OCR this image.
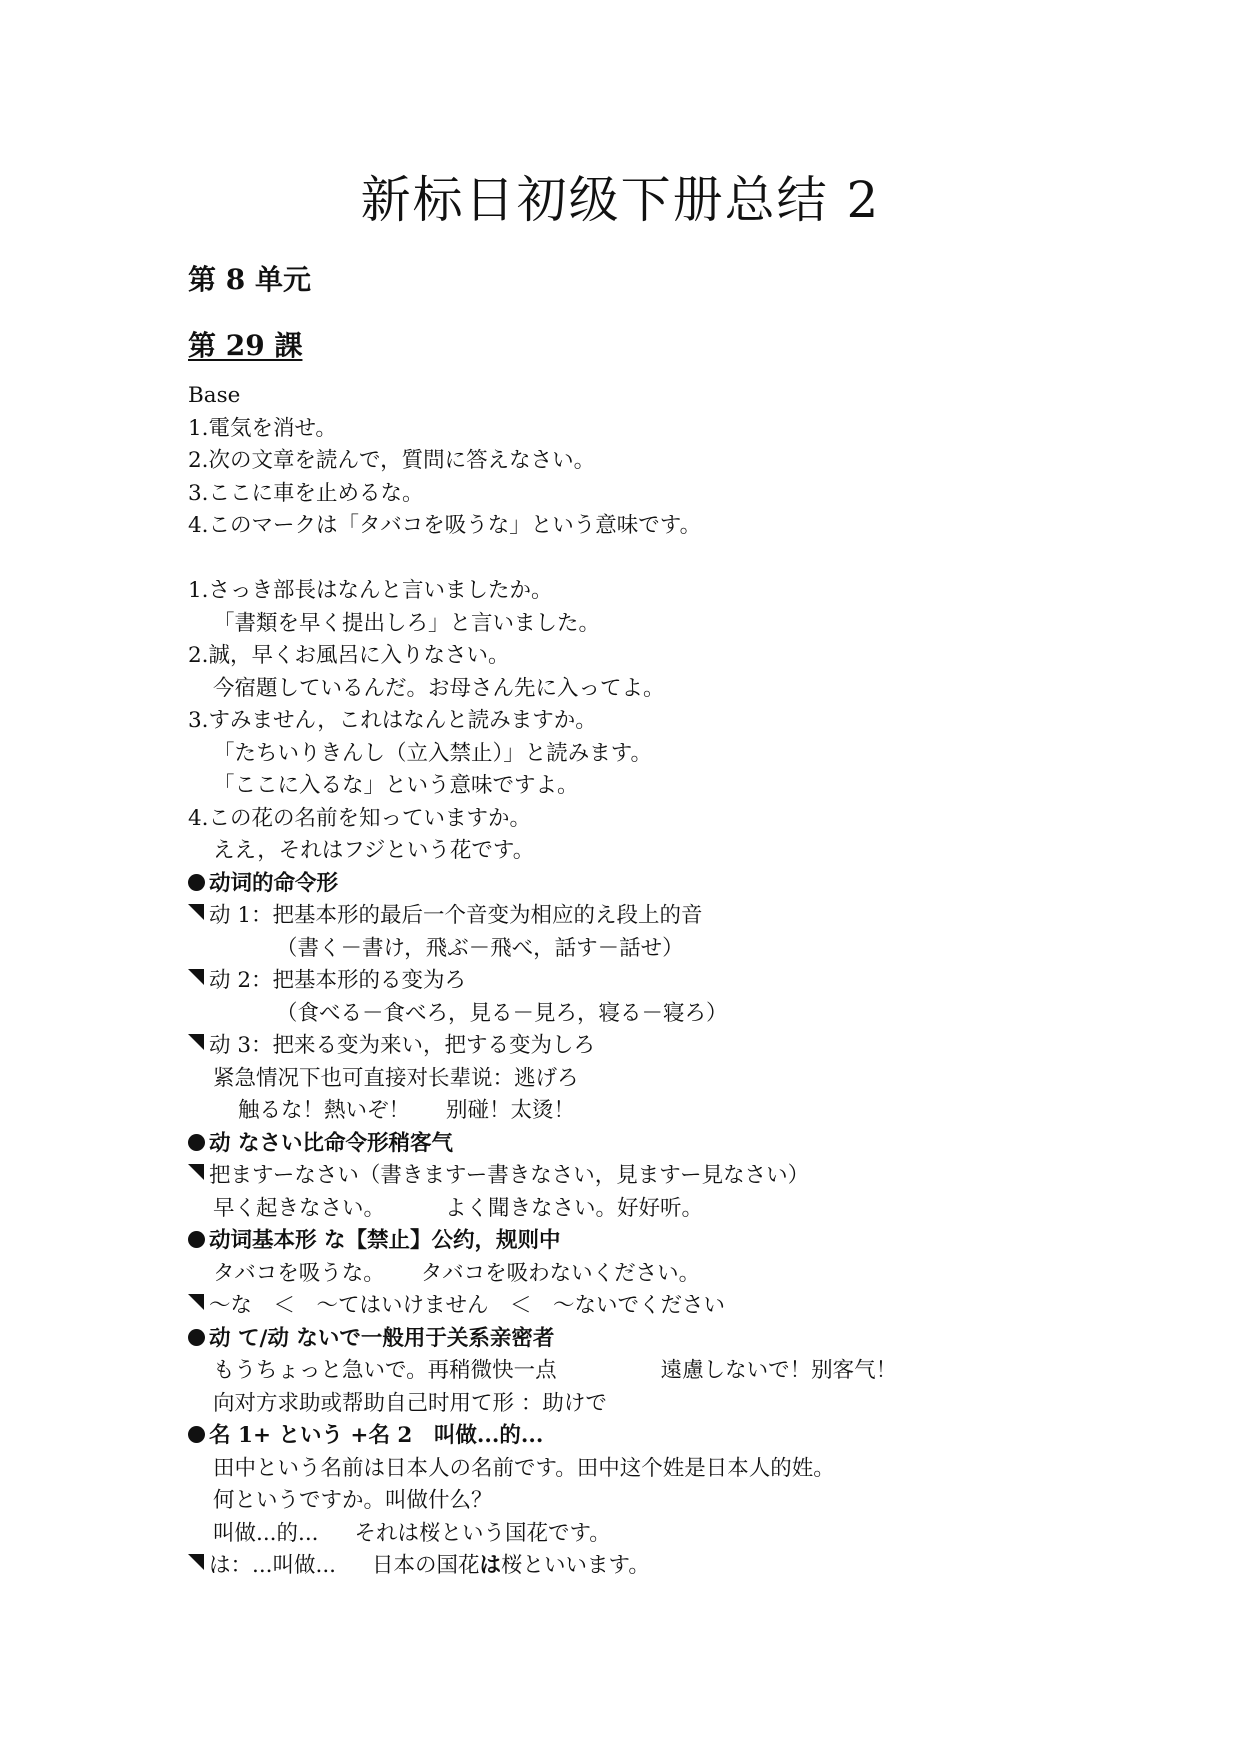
新标日初级下册总结 2
第 8 单元
第 29 課
Base
1.電気を消せ。
2.次の文章を読んで，質問に答えなさい。
3.ここに車を止めるな。
4.このマークは「タバコを吸うな」という意味です。
1.さっき部長はなんと言いましたか。
「書類を早く提出しろ」と言いました。
2.誠，早くお風呂に入りなさい。
今宿題しているんだ。お母さん先に入ってよ。
3.すみません，これはなんと読みますか。
「たちいりきんし（立入禁止）」と読みます。
「ここに入るな」という意味ですよ。
4.この花の名前を知っていますか。
ええ，それはフジという花です。
动词的命令形
动 1：把基本形的最后一个音变为相应的え段上的音
（書く－書け，飛ぶ－飛べ，話す－話せ）
动 2：把基本形的る变为ろ
（食べる－食べろ，見る－見ろ，寝る－寝ろ）
动 3：把来る变为来い，把する变为しろ
紧急情况下也可直接对长辈说：逃げろ
触るな！熱いぞ！ 别碰！太烫！
动 なさい比命令形稍客气
把ますーなさい（書きますー書きなさい，見ますー見なさい）
早く起きなさい。	よく聞きなさい。好好听。
动词基本形 な【禁止】公约，规则中
タバコを吸うな。 タバコを吸わないください。
～な　＜　～てはいけません　＜　～ないでください
动 て/动 ないで一般用于关系亲密者
もうちょっと急いで。再稍微快一点	遠慮しないで！别客气！
向对方求助或帮助自己时用て形 ：助けで
名 1+ という +名 2　叫做...的...
田中という名前は日本人の名前です。田中这个姓是日本人的姓。
何というですか。叫做什么？
叫做...的... それは桜という国花です。
は：...叫做... 日本の国花は桜といいます。
